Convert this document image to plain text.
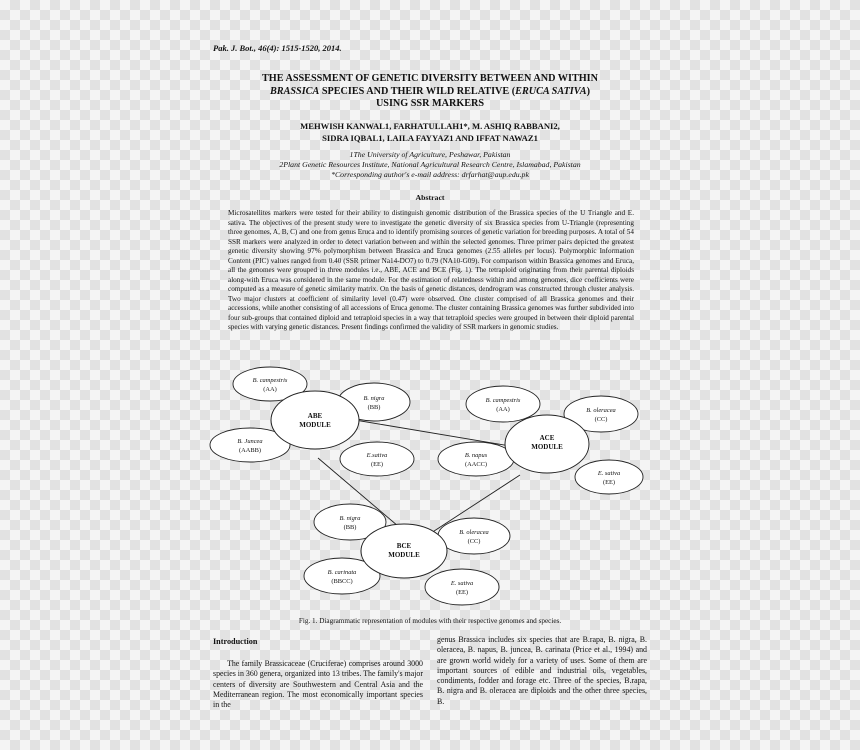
Pak. J. Bot., 46(4): 1515-1520, 2014.
THE ASSESSMENT OF GENETIC DIVERSITY BETWEEN AND WITHIN
BRASSICA SPECIES AND THEIR WILD RELATIVE (ERUCA SATIVA)
USING SSR MARKERS
MEHWISH KANWAL1, FARHATULLAH1*, M. ASHIQ RABBANI2,
SIDRA IQBAL1, LAILA FAYYAZ1 AND IFFAT NAWAZ1
1The University of Agriculture, Peshawar, Pakistan
2Plant Genetic Resources Institute, National Agricultural Research Centre, Islamabad, Pakistan
*Corresponding author's e-mail address: drfarhat@aup.edu.pk
Abstract
Microsatellites markers were tested for their ability to distinguish genomic distribution of the Brassica species of the U Triangle and E. sativa. The objectives of the present study were to investigate the genetic diversity of six Brassica species from U-Triangle (representing three genomes, A, B, C) and one from genus Eruca and to identify promising sources of genetic variation for breeding purposes. A total of 54 SSR markers were analyzed in order to detect variation between and within the selected genomes. Three primer pairs depicted the greatest genetic diversity showing 97% polymorphism between Brassica and Eruca genomes (2.55 alleles per locus). Polymorphic Information Content (PIC) values ranged from 0.40 (SSR primer Na14-DO7) to 0.79 (NA10-G09). For comparison within Brassica genomes and Eruca, all the genomes were grouped in three modules i.e., ABE, ACE and BCE (Fig. 1). The tetraploid originating from their parental diploids along-with Eruca was considered in the same module. For the estimation of relatedness within and among genomes, dice coefficients were computed as a measure of genetic similarity matrix. On the basis of genetic distances, dendrogram was constructed through cluster analysis. Two major clusters at coefficient of similarity level (0.47) were observed. One cluster comprised of all Brassica genomes and their accessions, while another consisting of all accessions of Eruca genome. The cluster containing Brassica genomes was further subdivided into four sub-groups that contained diploid and tetraploid species in a way that tetraploid species were grouped in between their diploid parental species with varying genetic distances. Present findings confirmed the validity of SSR markers in genomic studies.
B. campestris
(AA)
B. nigra
(BB)
B. Juncea
(AABB)
E.sativa
(EE)
ABE
MODULE
B. campestris
(AA)	B. oleracea
(CC)
B. napus
(AACC)
E. sativa
(EE)
ACE
MODULE
B. nigra
(BB)
B. oleracea
(CC)
B. carinata
(BBCC)	E. sativa
(EE)
BCE
MODULE
Fig. 1. Diagrammatic representation of modules with their respective genomes and species.
Introduction
The family Brassicaceae (Cruciferae) comprises around 3000 species in 360 genera, organized into 13 tribes. The family's major centers of diversity are Southwestern and Central Asia and the Mediterranean region. The most economically important species in the
genus Brassica includes six species that are B.rapa, B. nigra, B. oleracea, B. napus, B. juncea, B. carinata (Price et al., 1994) and are grown world widely for a variety of uses. Some of them are important sources of edible and industrial oils, vegetables, condiments, fodder and forage etc. Three of the species, B.rapa, B. nigra and B. oleracea are diploids and the other three species, B.
